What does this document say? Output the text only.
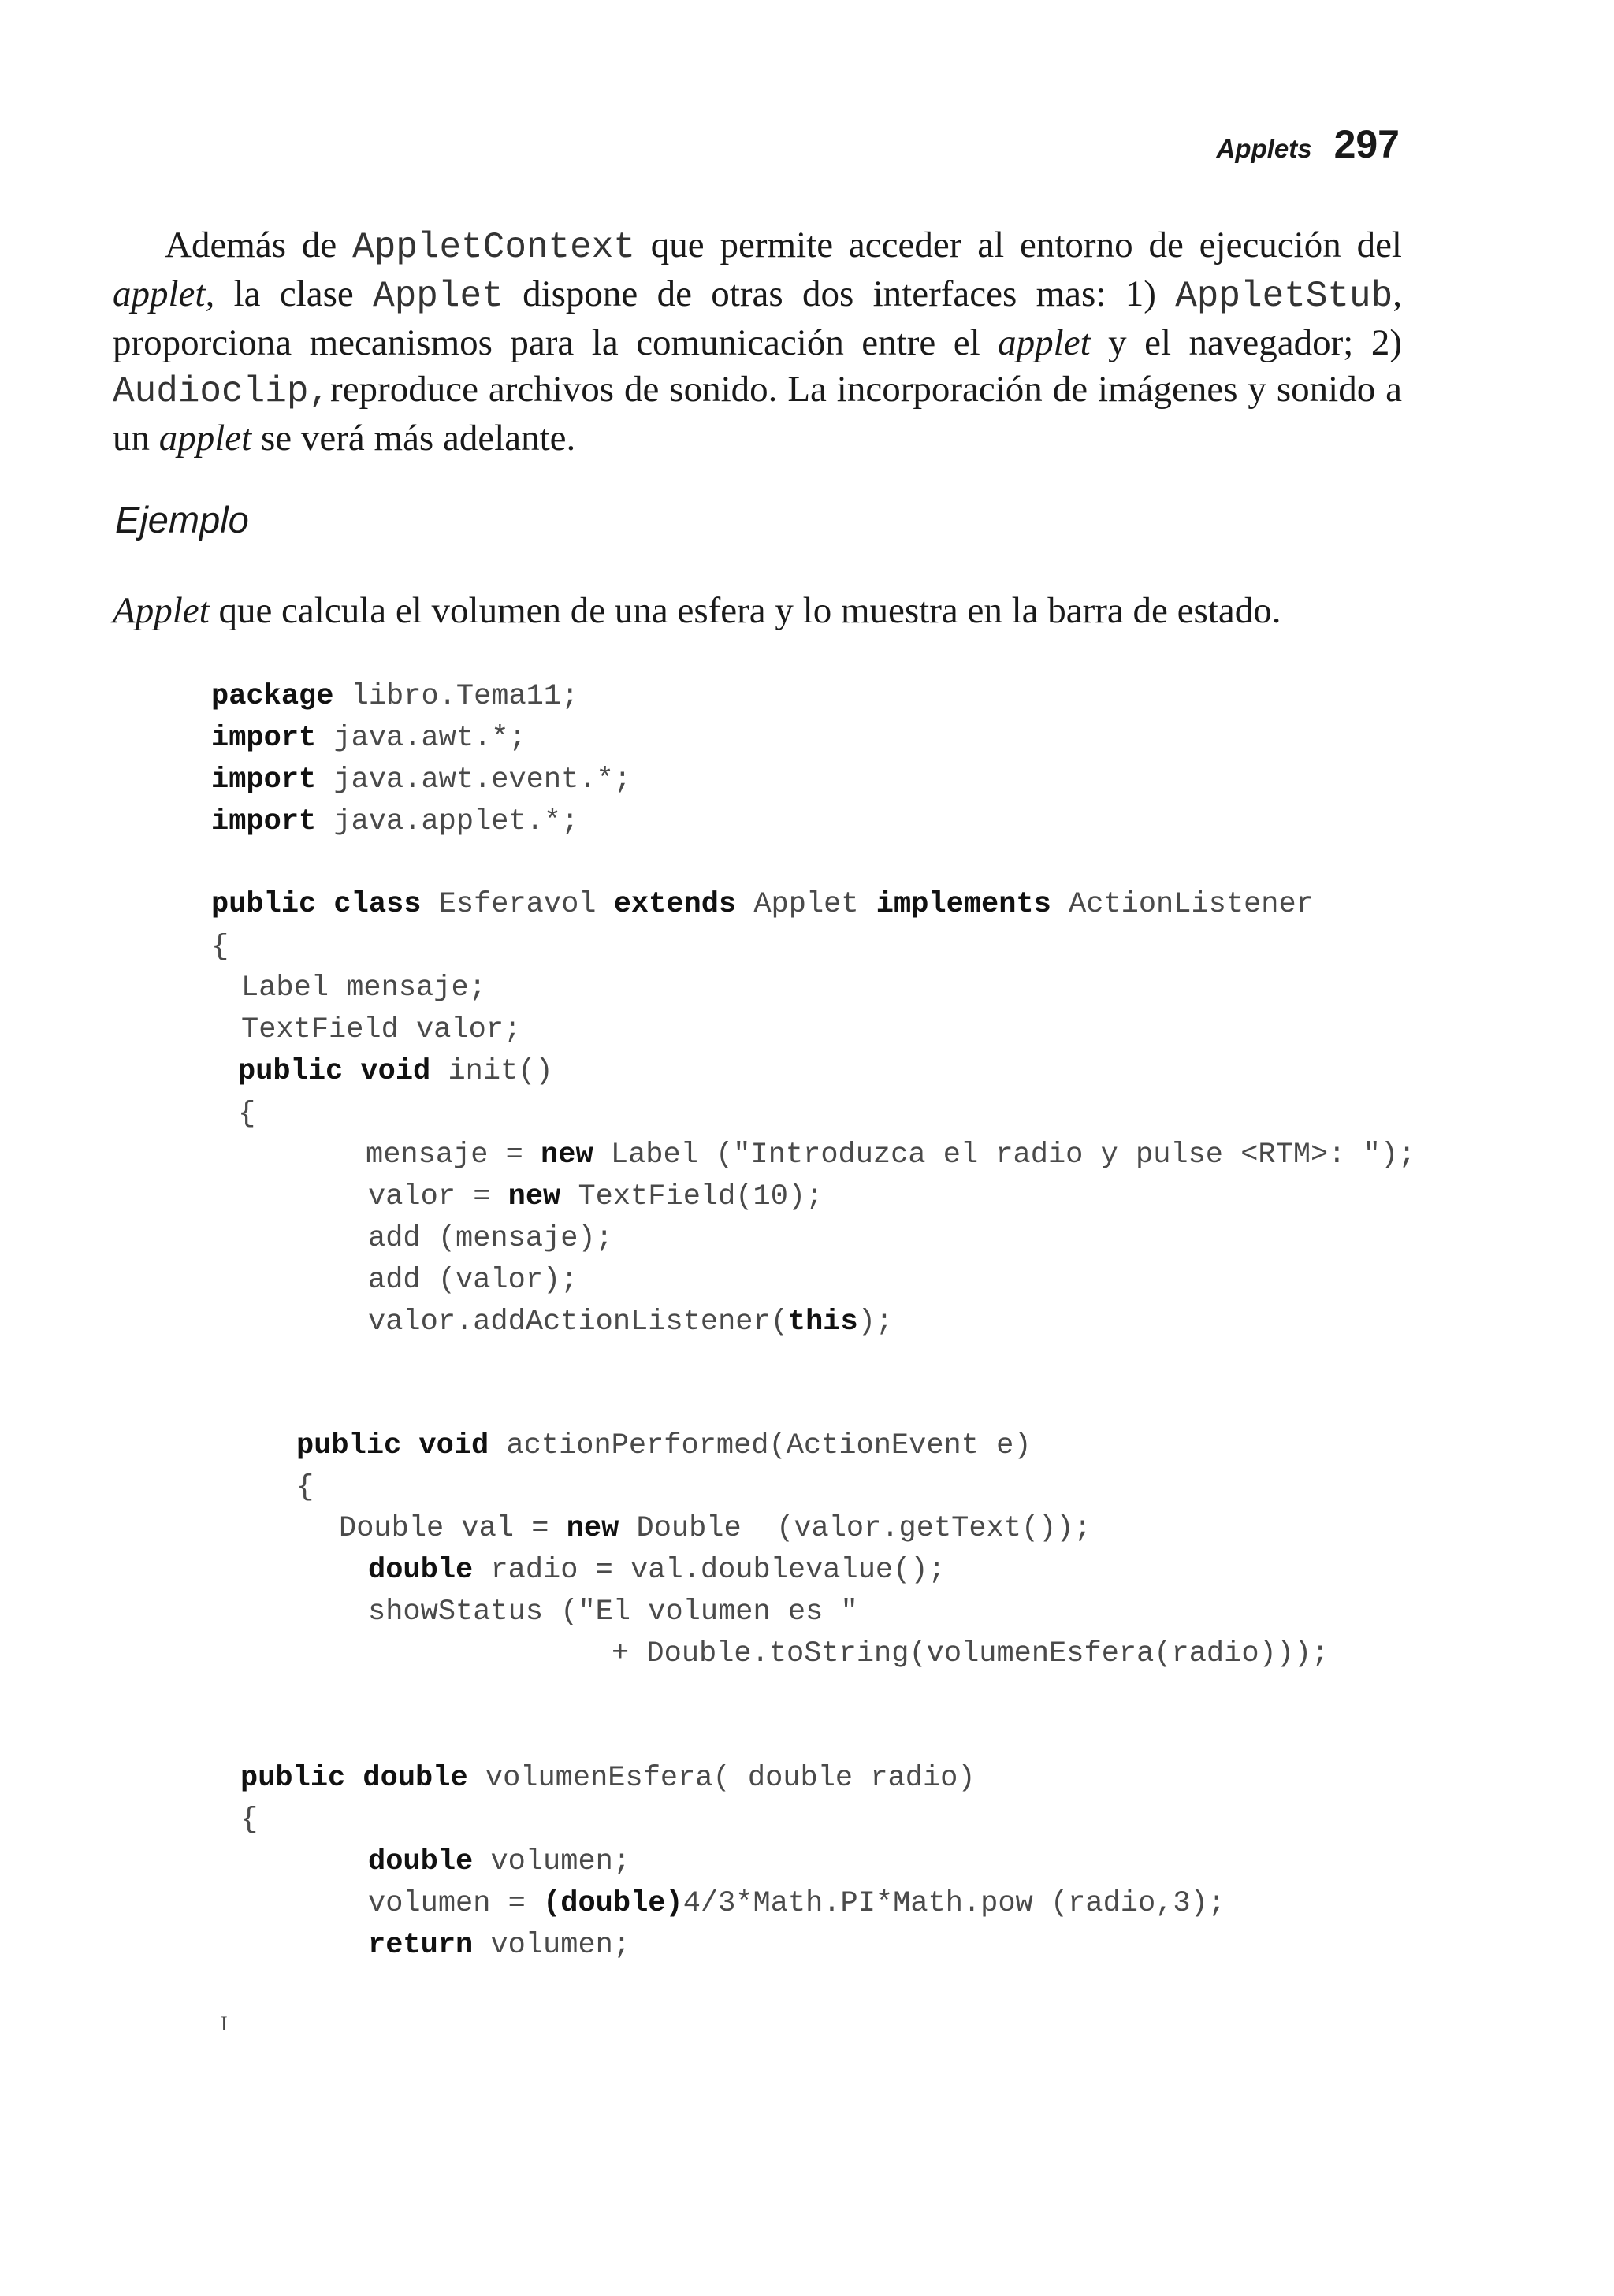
Applets 297

Además de AppletContext que permite acceder al entorno de ejecución del applet, la clase Applet dispone de otras dos interfaces mas: 1) AppletStub, proporciona mecanismos para la comunicación entre el applet y el navegador; 2) Audioclip,reproduce archivos de sonido. La incorporación de imágenes y sonido a un applet se verá más adelante.

Ejemplo

Applet que calcula el volumen de una esfera y lo muestra en la barra de estado.

package libro.Tema11;
import java.awt.*;
import java.awt.event.*;
import java.applet.*;
public class Esferavol extends Applet implements ActionListener
{
Label mensaje;
TextField valor;
public void init()
{
mensaje = new Label ("Introduzca el radio y pulse <RTM>: ");
valor = new TextField(10);
add (mensaje);
add (valor);
valor.addActionListener(this);
public void actionPerformed(ActionEvent e)
{
Double val = new Double  (valor.getText());
double radio = val.doublevalue();
showStatus ("El volumen es "
+ Double.toString(volumenEsfera(radio)));
public double volumenEsfera( double radio)
{
double volumen;
volumen = (double)4/3*Math.PI*Math.pow (radio,3);
return volumen;
I
